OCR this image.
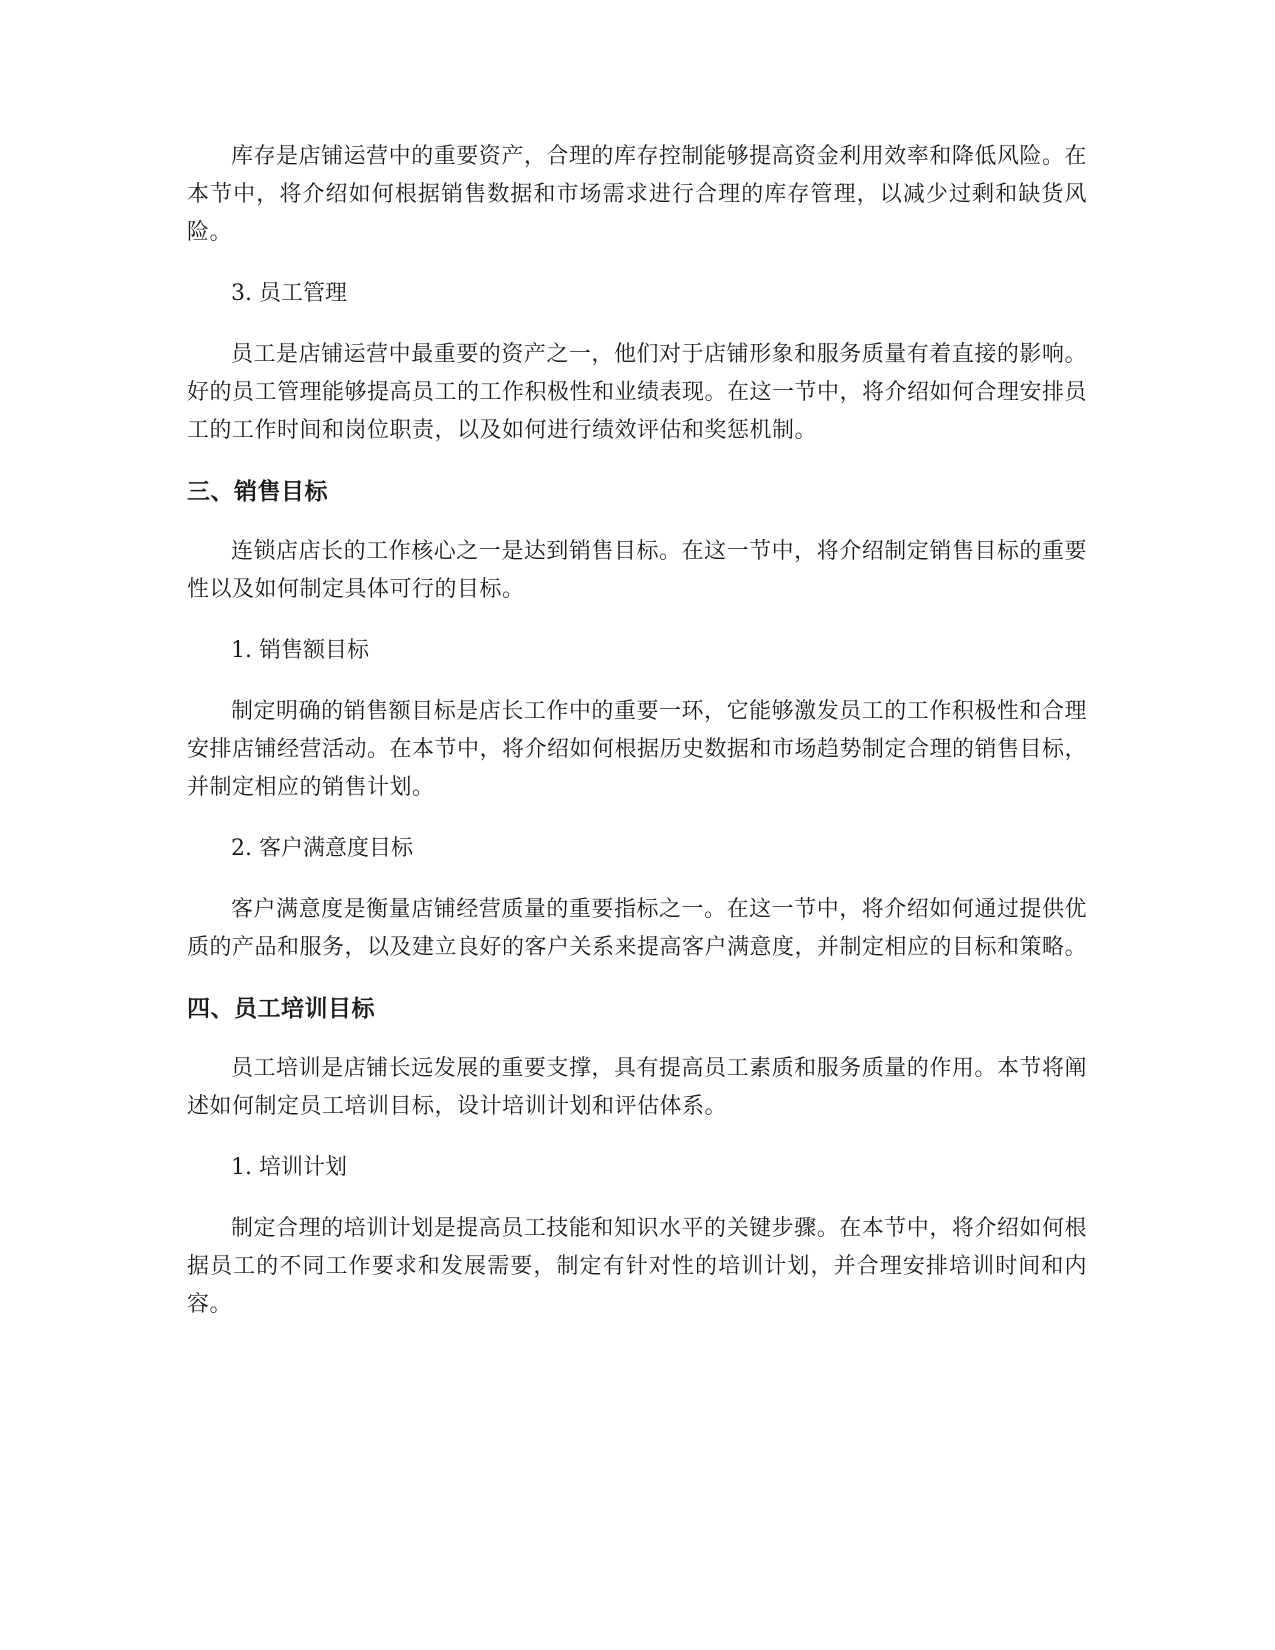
库存是店铺运营中的重要资产，合理的库存控制能够提高资金利用效率和降低风险。在本节中，将介绍如何根据销售数据和市场需求进行合理的库存管理，以减少过剩和缺货风险。

3. 员工管理

员工是店铺运营中最重要的资产之一，他们对于店铺形象和服务质量有着直接的影响。好的员工管理能够提高员工的工作积极性和业绩表现。在这一节中，将介绍如何合理安排员工的工作时间和岗位职责，以及如何进行绩效评估和奖惩机制。

三、销售目标

连锁店店长的工作核心之一是达到销售目标。在这一节中，将介绍制定销售目标的重要性以及如何制定具体可行的目标。

1. 销售额目标

制定明确的销售额目标是店长工作中的重要一环，它能够激发员工的工作积极性和合理安排店铺经营活动。在本节中，将介绍如何根据历史数据和市场趋势制定合理的销售目标，并制定相应的销售计划。

2. 客户满意度目标

客户满意度是衡量店铺经营质量的重要指标之一。在这一节中，将介绍如何通过提供优质的产品和服务，以及建立良好的客户关系来提高客户满意度，并制定相应的目标和策略。

四、员工培训目标

员工培训是店铺长远发展的重要支撑，具有提高员工素质和服务质量的作用。本节将阐述如何制定员工培训目标，设计培训计划和评估体系。

1. 培训计划

制定合理的培训计划是提高员工技能和知识水平的关键步骤。在本节中，将介绍如何根据员工的不同工作要求和发展需要，制定有针对性的培训计划，并合理安排培训时间和内容。
